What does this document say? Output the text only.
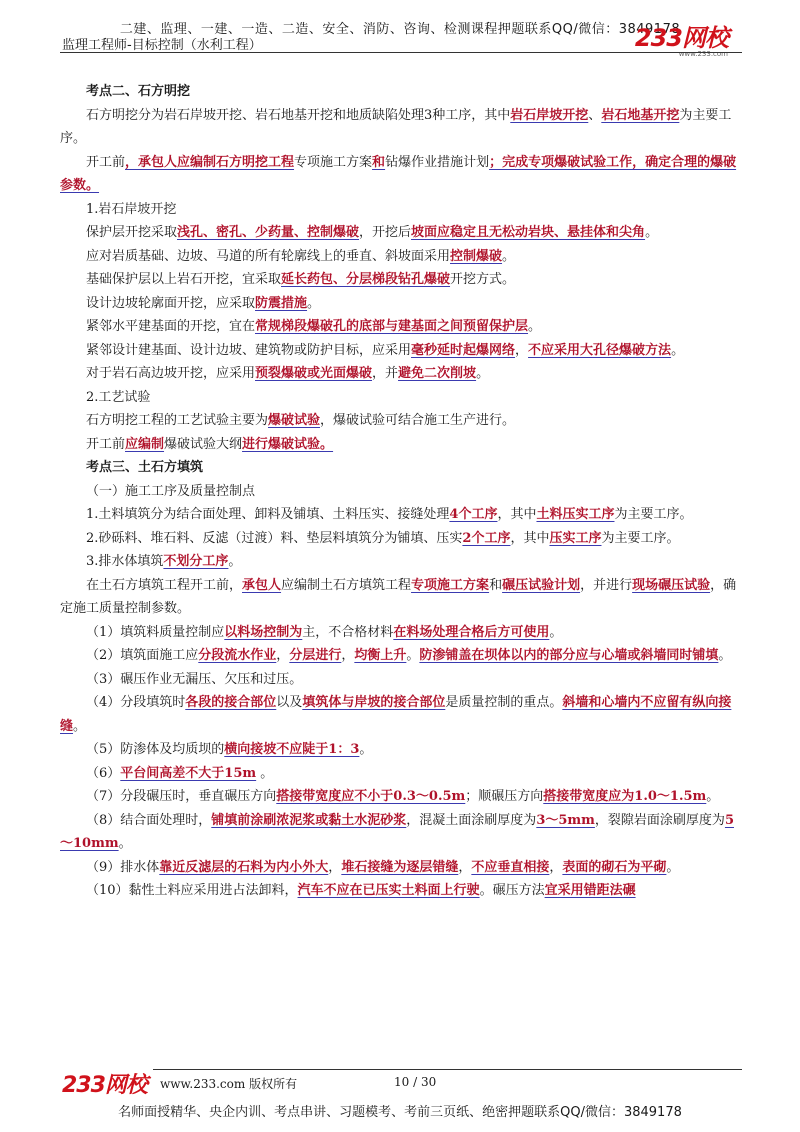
二建、监理、一建、一造、二造、安全、消防、咨询、检测课程押题联系QQ/微信：3849178
监理工程师-目标控制（水利工程）	233网校
www.233.com

考点二、石方明挖

石方明挖分为岩石岸坡开挖、岩石地基开挖和地质缺陷处理3种工序，其中岩石岸坡开挖、岩石地基开挖为主要工序。

开工前，承包人应编制石方明挖工程专项施工方案和钻爆作业措施计划；完成专项爆破试验工作，确定合理的爆破参数。

1.岩石岸坡开挖

保护层开挖采取浅孔、密孔、少药量、控制爆破，开挖后坡面应稳定且无松动岩块、悬挂体和尖角。

应对岩质基础、边坡、马道的所有轮廓线上的垂直、斜坡面采用控制爆破。

基础保护层以上岩石开挖，宜采取延长药包、分层梯段钻孔爆破开挖方式。

设计边坡轮廓面开挖，应采取防震措施。

紧邻水平建基面的开挖，宜在常规梯段爆破孔的底部与建基面之间预留保护层。

紧邻设计建基面、设计边坡、建筑物或防护目标，应采用毫秒延时起爆网络，不应采用大孔径爆破方法。

对于岩石高边坡开挖，应采用预裂爆破或光面爆破，并避免二次削坡。

2.工艺试验

石方明挖工程的工艺试验主要为爆破试验，爆破试验可结合施工生产进行。

开工前应编制爆破试验大纲进行爆破试验。

考点三、土石方填筑

（一）施工工序及质量控制点

1.土料填筑分为结合面处理、卸料及铺填、土料压实、接缝处理4个工序，其中土料压实工序为主要工序。

2.砂砾料、堆石料、反滤（过渡）料、垫层料填筑分为铺填、压实2个工序，其中压实工序为主要工序。

3.排水体填筑不划分工序。

在土石方填筑工程开工前，承包人应编制土石方填筑工程专项施工方案和碾压试验计划，并进行现场碾压试验，确定施工质量控制参数。

（1）填筑料质量控制应以料场控制为主，不合格材料在料场处理合格后方可使用。

（2）填筑面施工应分段流水作业，分层进行，均衡上升。防渗铺盖在坝体以内的部分应与心墙或斜墙同时铺填。

（3）碾压作业无漏压、欠压和过压。

（4）分段填筑时各段的接合部位以及填筑体与岸坡的接合部位是质量控制的重点。斜墙和心墙内不应留有纵向接缝。

（5）防渗体及均质坝的横向接坡不应陡于1：3。

（6）平台间高差不大于15m 。

（7）分段碾压时，垂直碾压方向搭接带宽度应不小于0.3～0.5m；顺碾压方向搭接带宽度应为1.0～1.5m。

（8）结合面处理时，铺填前涂刷浓泥浆或黏土水泥砂浆，混凝土面涂刷厚度为3～5mm，裂隙岩面涂刷厚度为5～10mm。

（9）排水体靠近反滤层的石料为内小外大，堆石接缝为逐层错缝，不应垂直相接，表面的砌石为平砌。

（10）黏性土料应采用进占法卸料，汽车不应在已压实土料面上行驶。碾压方法宜采用错距法碾

233网校	www.233.com 版权所有	10 / 30
名师面授精华、央企内训、考点串讲、习题模考、考前三页纸、绝密押题联系QQ/微信：3849178
